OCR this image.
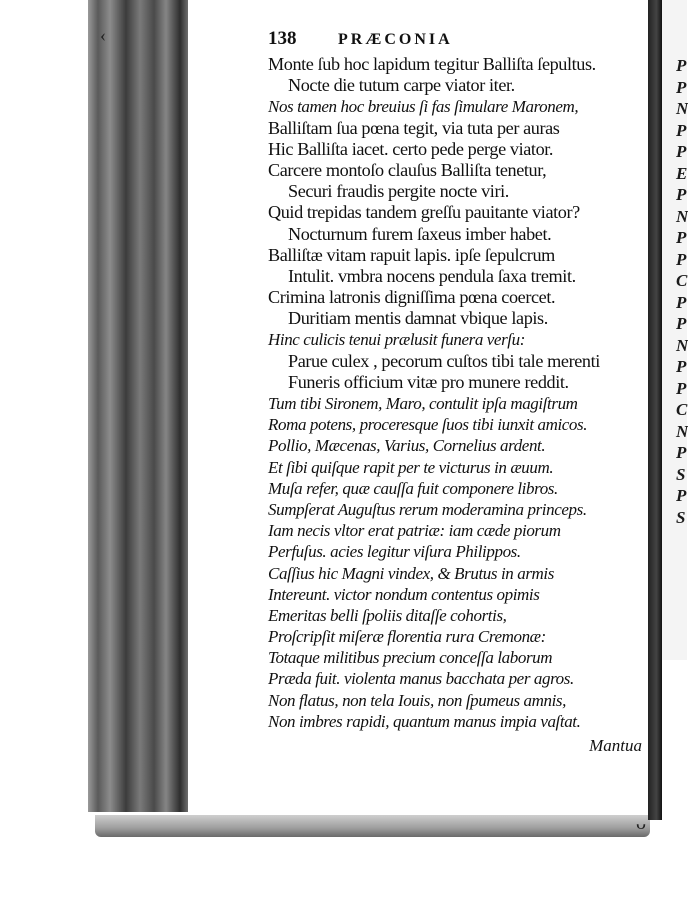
‹
P P N P P E P N P P C P P N P P C N P S P S
ᴗ
138	PRÆCONIA
Monte ſub hoc lapidum tegitur Balliſta ſepultus.
Nocte die tutum carpe viator iter.
Nos tamen hoc breuius ſi fas ſimulare Maronem,
Balliſtam ſua pœna tegit, via tuta per auras
Hic Balliſta iacet. certo pede perge viator.
Carcere montoſo clauſus Balliſta tenetur,
Securi fraudis pergite nocte viri.
Quid trepidas tandem greſſu pauitante viator?
Nocturnum furem ſaxeus imber habet.
Balliſtæ vitam rapuit lapis. ipſe ſepulcrum
Intulit. vmbra nocens pendula ſaxa tremit.
Crimina latronis digniſſima pœna coercet.
Duritiam mentis damnat vbique lapis.
Hinc culicis tenui prælusit funera verſu:
Parue culex , pecorum cuſtos tibi tale merenti
Funeris officium vitæ pro munere reddit.
Tum tibi Sironem, Maro, contulit ipſa magiſtrum
Roma potens, proceresque ſuos tibi iunxit amicos.
Pollio, Mæcenas, Varius, Cornelius ardent.
Et ſibi quiſque rapit per te victurus in æuum.
Muſa refer, quæ cauſſa fuit componere libros.
Sumpſerat Auguſtus rerum moderamina princeps.
Iam necis vltor erat patriæ: iam cæde piorum
Perfuſus. acies legitur viſura Philippos.
Caſſius hic Magni vindex, & Brutus in armis
Intereunt. victor nondum contentus opimis
Emeritas belli ſpoliis ditaſſe cohortis,
Proſcripſit miſeræ florentia rura Cremonæ:
Totaque militibus precium conceſſa laborum
Præda fuit. violenta manus bacchata per agros.
Non flatus, non tela Iouis, non ſpumeus amnis,
Non imbres rapidi, quantum manus impia vaſtat.
Mantua
